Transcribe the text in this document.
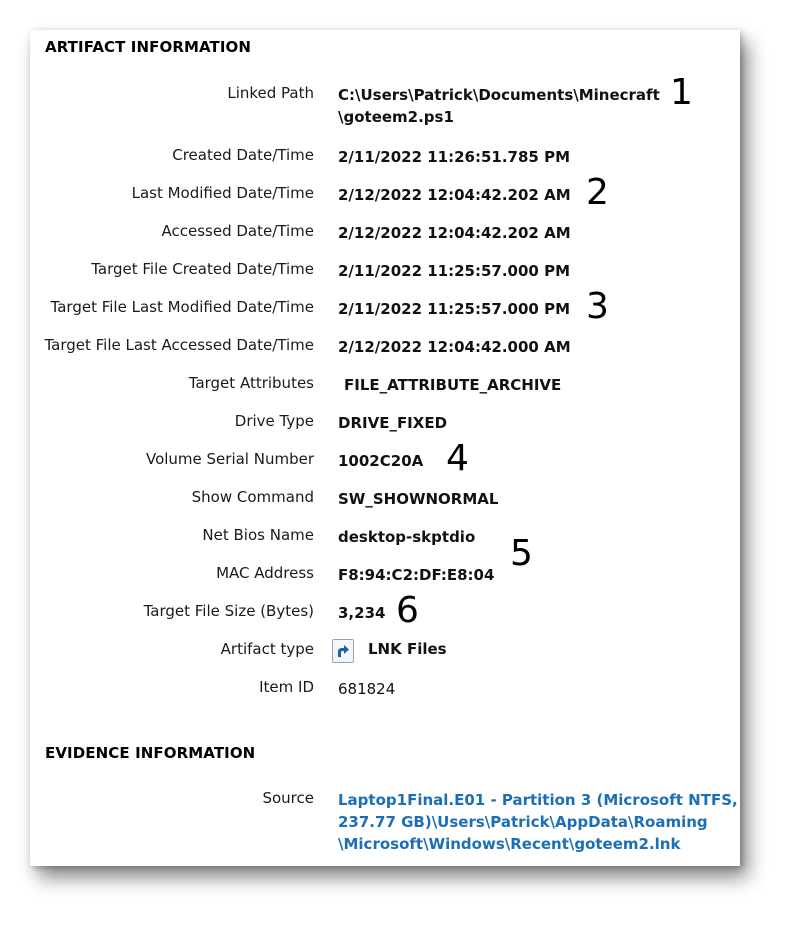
ARTIFACT INFORMATION
Linked Path C:\Users\Patrick\Documents\Minecraft
\goteem2.ps1
Created Date/Time 2/11/2022 11:26:51.785 PM
Last Modified Date/Time 2/12/2022 12:04:42.202 AM
Accessed Date/Time 2/12/2022 12:04:42.202 AM
Target File Created Date/Time 2/11/2022 11:25:57.000 PM
Target File Last Modified Date/Time 2/11/2022 11:25:57.000 PM
Target File Last Accessed Date/Time 2/12/2022 12:04:42.000 AM
Target Attributes FILE_ATTRIBUTE_ARCHIVE
Drive Type DRIVE_FIXED
Volume Serial Number 1002C20A
Show Command SW_SHOWNORMAL
Net Bios Name desktop-skptdio
MAC Address F8:94:C2:DF:E8:04
Target File Size (Bytes) 3,234
Artifact type	LNK Files
Item ID 681824
EVIDENCE INFORMATION
Source Laptop1Final.E01 - Partition 3 (Microsoft NTFS,
237.77 GB)\Users\Patrick\AppData\Roaming
\Microsoft\Windows\Recent\goteem2.lnk
1
2
3
4
5
6
